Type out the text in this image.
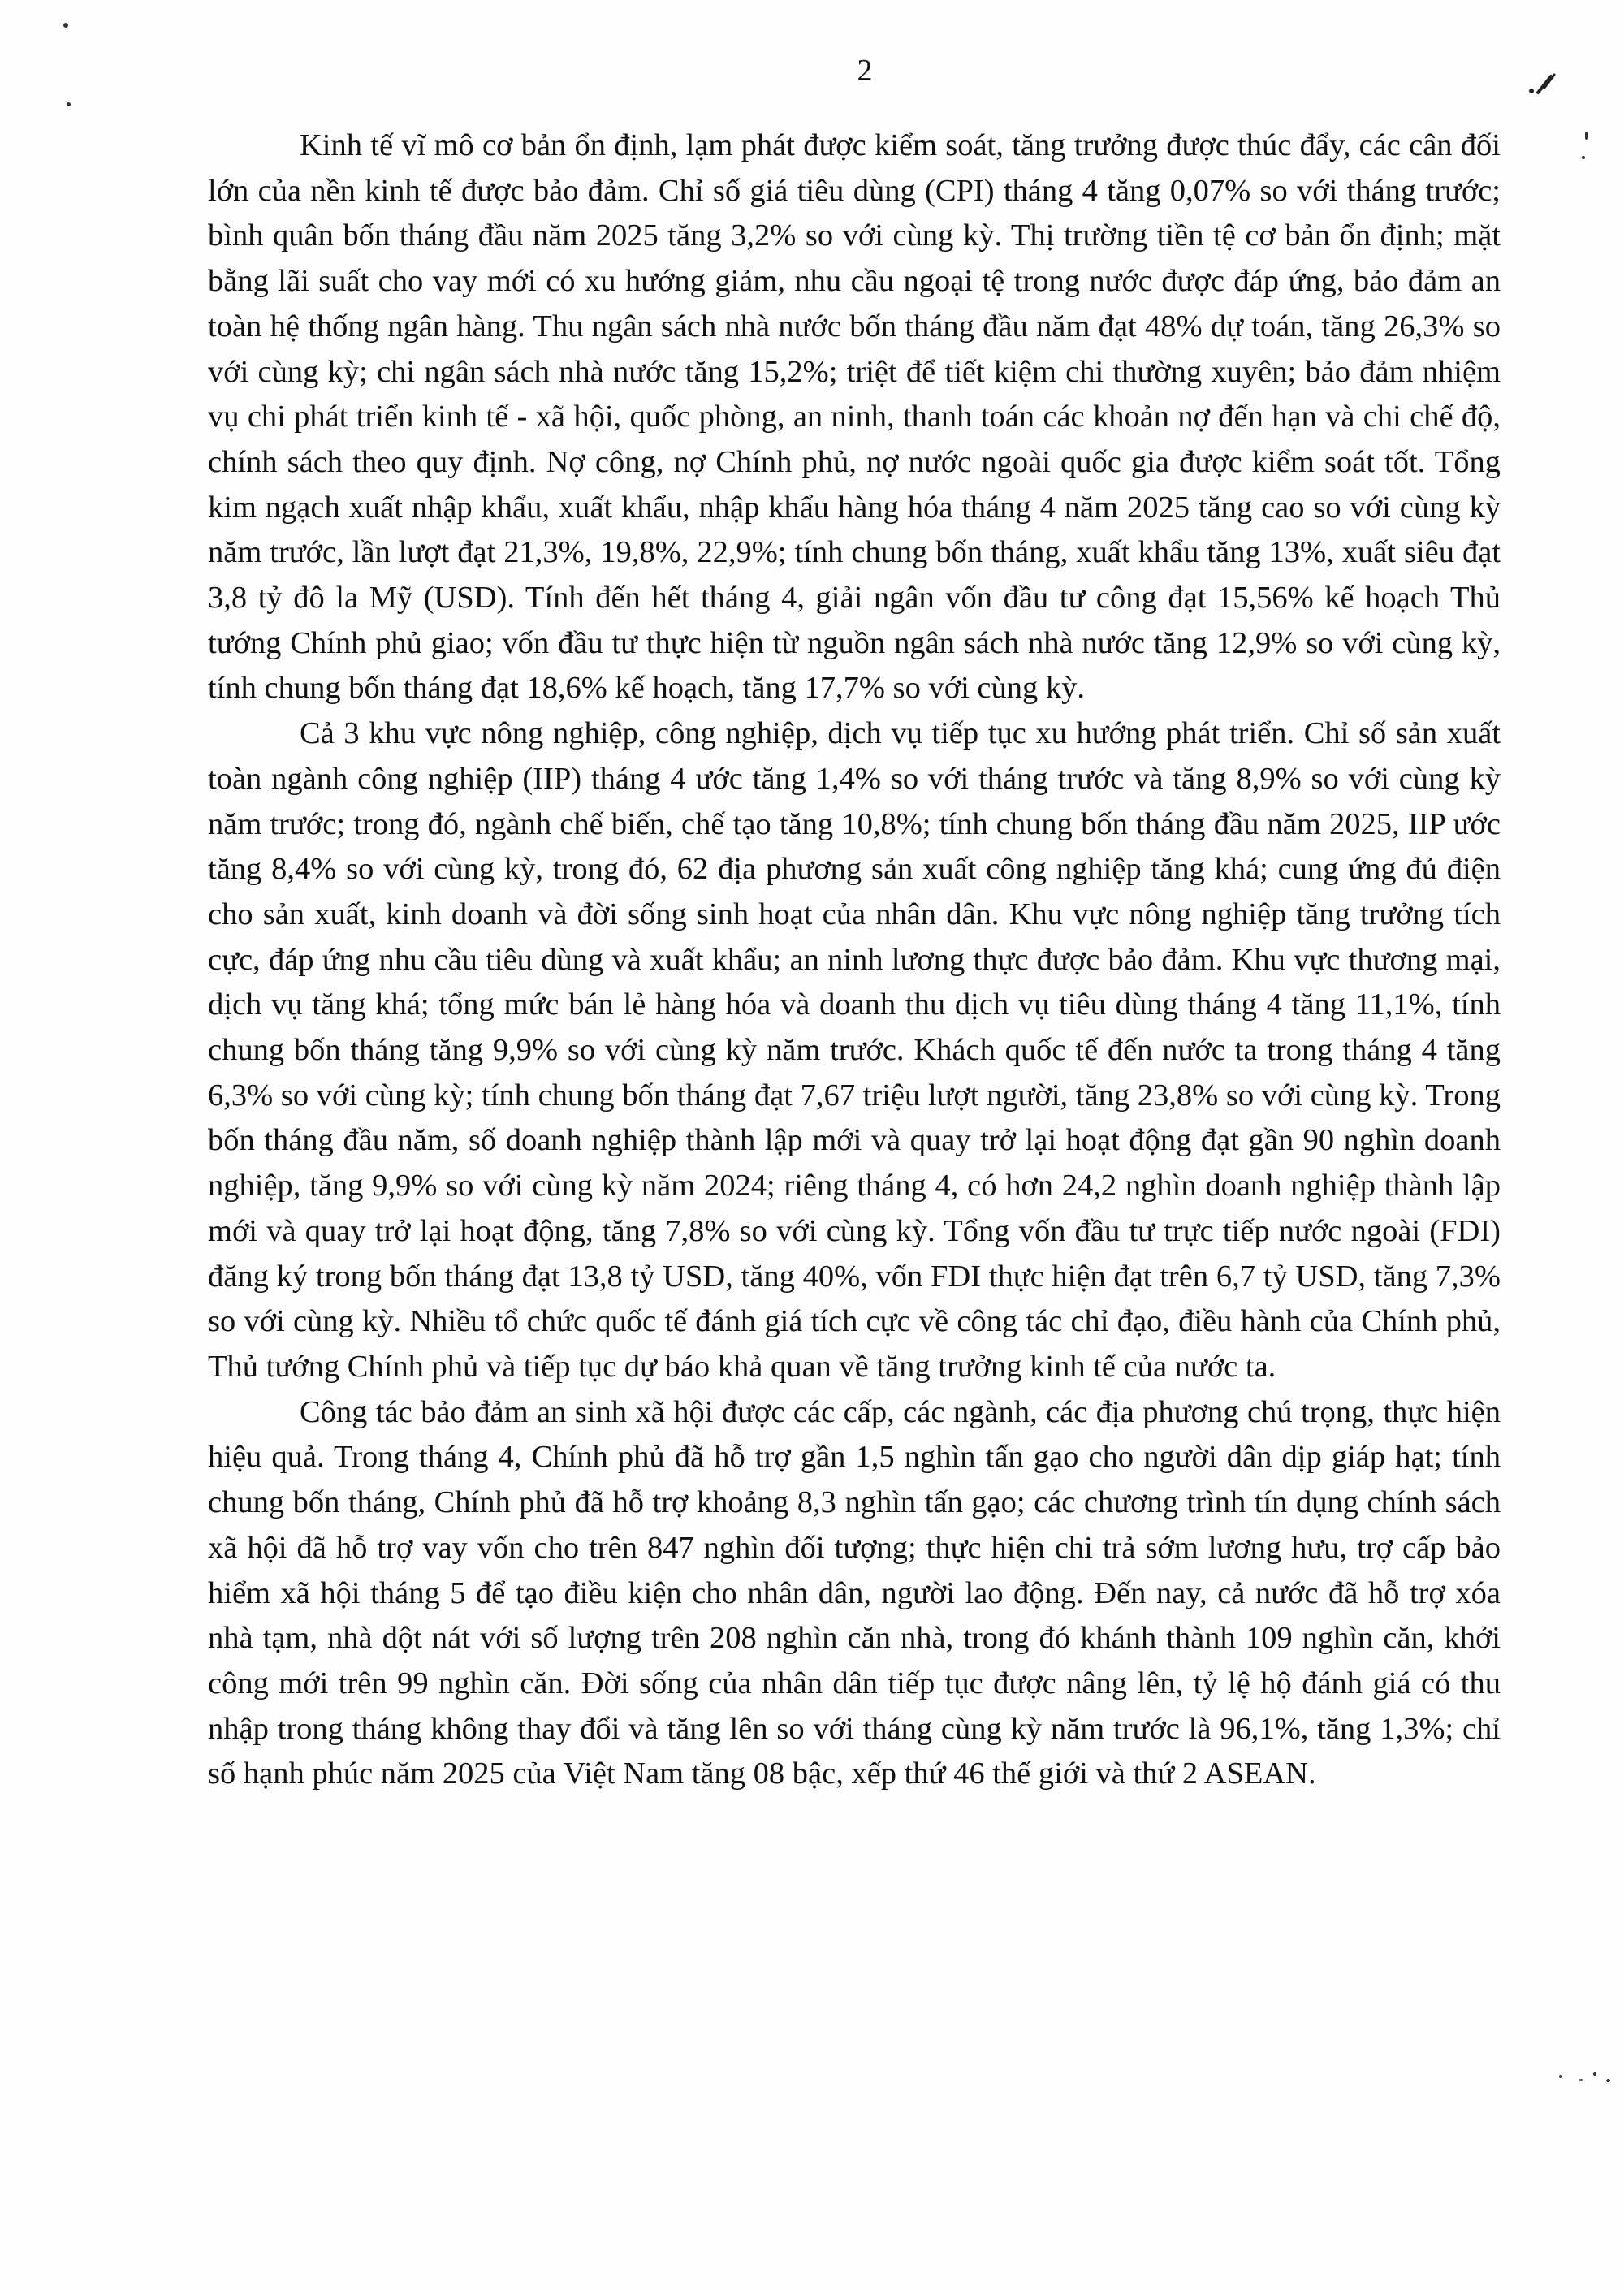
2

Kinh tế vĩ mô cơ bản ổn định, lạm phát được kiểm soát, tăng trưởng được thúc đẩy, các cân đối lớn của nền kinh tế được bảo đảm. Chỉ số giá tiêu dùng (CPI) tháng 4 tăng 0,07% so với tháng trước; bình quân bốn tháng đầu năm 2025 tăng 3,2% so với cùng kỳ. Thị trường tiền tệ cơ bản ổn định; mặt bằng lãi suất cho vay mới có xu hướng giảm, nhu cầu ngoại tệ trong nước được đáp ứng, bảo đảm an toàn hệ thống ngân hàng. Thu ngân sách nhà nước bốn tháng đầu năm đạt 48% dự toán, tăng 26,3% so với cùng kỳ; chi ngân sách nhà nước tăng 15,2%; triệt để tiết kiệm chi thường xuyên; bảo đảm nhiệm vụ chi phát triển kinh tế - xã hội, quốc phòng, an ninh, thanh toán các khoản nợ đến hạn và chi chế độ, chính sách theo quy định. Nợ công, nợ Chính phủ, nợ nước ngoài quốc gia được kiểm soát tốt. Tổng kim ngạch xuất nhập khẩu, xuất khẩu, nhập khẩu hàng hóa tháng 4 năm 2025 tăng cao so với cùng kỳ năm trước, lần lượt đạt 21,3%, 19,8%, 22,9%; tính chung bốn tháng, xuất khẩu tăng 13%, xuất siêu đạt 3,8 tỷ đô la Mỹ (USD). Tính đến hết tháng 4, giải ngân vốn đầu tư công đạt 15,56% kế hoạch Thủ tướng Chính phủ giao; vốn đầu tư thực hiện từ nguồn ngân sách nhà nước tăng 12,9% so với cùng kỳ, tính chung bốn tháng đạt 18,6% kế hoạch, tăng 17,7% so với cùng kỳ.

Cả 3 khu vực nông nghiệp, công nghiệp, dịch vụ tiếp tục xu hướng phát triển. Chỉ số sản xuất toàn ngành công nghiệp (IIP) tháng 4 ước tăng 1,4% so với tháng trước và tăng 8,9% so với cùng kỳ năm trước; trong đó, ngành chế biến, chế tạo tăng 10,8%; tính chung bốn tháng đầu năm 2025, IIP ước tăng 8,4% so với cùng kỳ, trong đó, 62 địa phương sản xuất công nghiệp tăng khá; cung ứng đủ điện cho sản xuất, kinh doanh và đời sống sinh hoạt của nhân dân. Khu vực nông nghiệp tăng trưởng tích cực, đáp ứng nhu cầu tiêu dùng và xuất khẩu; an ninh lương thực được bảo đảm. Khu vực thương mại, dịch vụ tăng khá; tổng mức bán lẻ hàng hóa và doanh thu dịch vụ tiêu dùng tháng 4 tăng 11,1%, tính chung bốn tháng tăng 9,9% so với cùng kỳ năm trước. Khách quốc tế đến nước ta trong tháng 4 tăng 6,3% so với cùng kỳ; tính chung bốn tháng đạt 7,67 triệu lượt người, tăng 23,8% so với cùng kỳ. Trong bốn tháng đầu năm, số doanh nghiệp thành lập mới và quay trở lại hoạt động đạt gần 90 nghìn doanh nghiệp, tăng 9,9% so với cùng kỳ năm 2024; riêng tháng 4, có hơn 24,2 nghìn doanh nghiệp thành lập mới và quay trở lại hoạt động, tăng 7,8% so với cùng kỳ. Tổng vốn đầu tư trực tiếp nước ngoài (FDI) đăng ký trong bốn tháng đạt 13,8 tỷ USD, tăng 40%, vốn FDI thực hiện đạt trên 6,7 tỷ USD, tăng 7,3% so với cùng kỳ. Nhiều tổ chức quốc tế đánh giá tích cực về công tác chỉ đạo, điều hành của Chính phủ, Thủ tướng Chính phủ và tiếp tục dự báo khả quan về tăng trưởng kinh tế của nước ta.

Công tác bảo đảm an sinh xã hội được các cấp, các ngành, các địa phương chú trọng, thực hiện hiệu quả. Trong tháng 4, Chính phủ đã hỗ trợ gần 1,5 nghìn tấn gạo cho người dân dịp giáp hạt; tính chung bốn tháng, Chính phủ đã hỗ trợ khoảng 8,3 nghìn tấn gạo; các chương trình tín dụng chính sách xã hội đã hỗ trợ vay vốn cho trên 847 nghìn đối tượng; thực hiện chi trả sớm lương hưu, trợ cấp bảo hiểm xã hội tháng 5 để tạo điều kiện cho nhân dân, người lao động. Đến nay, cả nước đã hỗ trợ xóa nhà tạm, nhà dột nát với số lượng trên 208 nghìn căn nhà, trong đó khánh thành 109 nghìn căn, khởi công mới trên 99 nghìn căn. Đời sống của nhân dân tiếp tục được nâng lên, tỷ lệ hộ đánh giá có thu nhập trong tháng không thay đổi và tăng lên so với tháng cùng kỳ năm trước là 96,1%, tăng 1,3%; chỉ số hạnh phúc năm 2025 của Việt Nam tăng 08 bậc, xếp thứ 46 thế giới và thứ 2 ASEAN.
